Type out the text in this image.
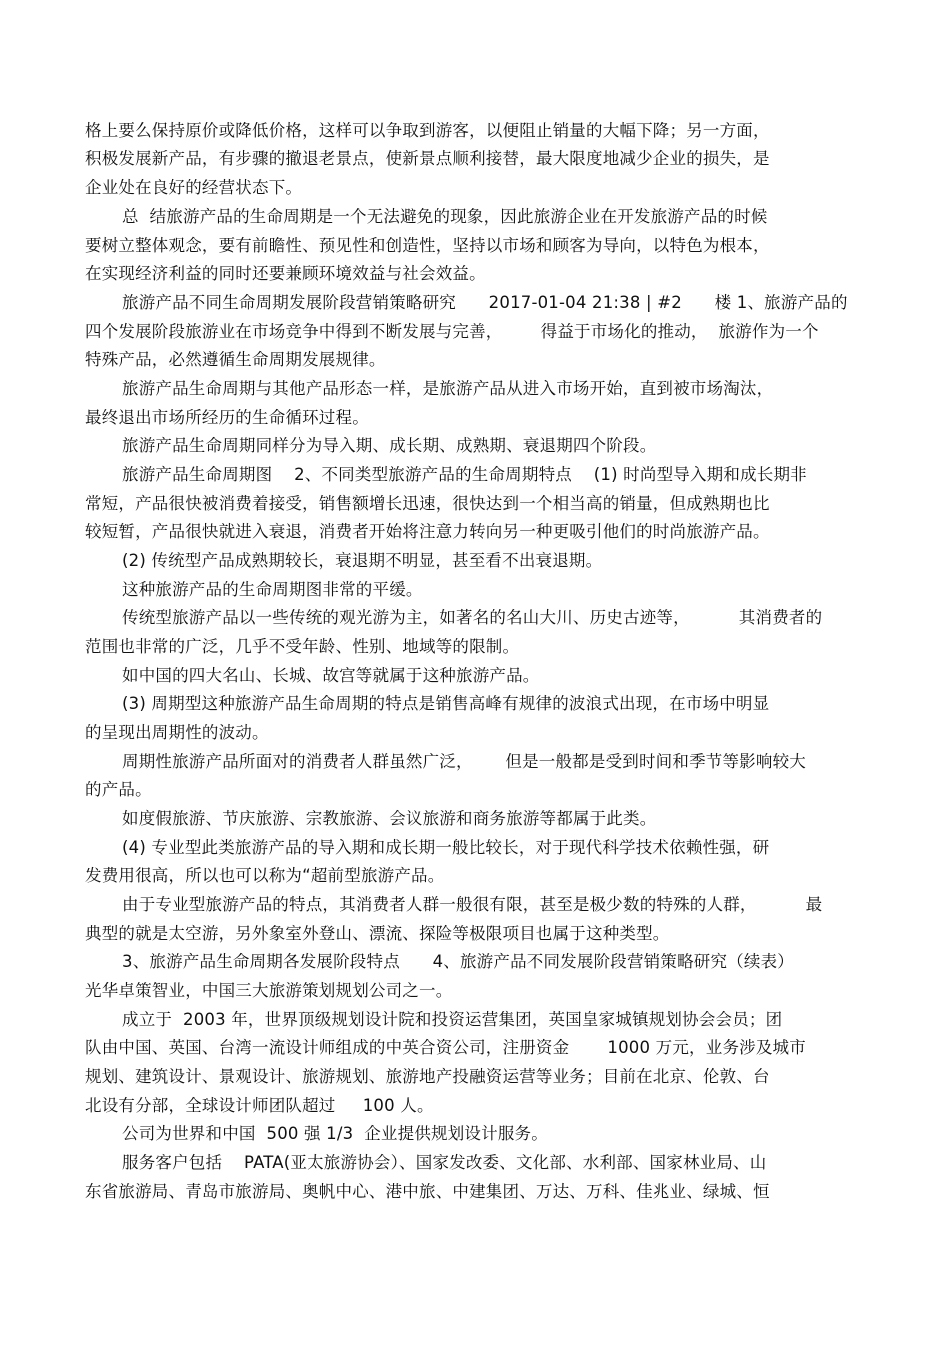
格上要么保持原价或降低价格，这样可以争取到游客，以便阻止销量的大幅下降；另一方面，
积极发展新产品，有步骤的撤退老景点，使新景点顺利接替，最大限度地减少企业的损失，是
企业处在良好的经营状态下。
总  结旅游产品的生命周期是一个无法避免的现象，因此旅游企业在开发旅游产品的时候
要树立整体观念，要有前瞻性、预见性和创造性，坚持以市场和顾客为导向，以特色为根本，
在实现经济利益的同时还要兼顾环境效益与社会效益。
旅游产品不同生命周期发展阶段营销策略研究      2017-01-04 21:38 | #2      楼 1、旅游产品的
四个发展阶段旅游业在市场竞争中得到不断发展与完善，       得益于市场化的推动，  旅游作为一个
特殊产品，必然遵循生命周期发展规律。
旅游产品生命周期与其他产品形态一样，是旅游产品从进入市场开始，直到被市场淘汰，
最终退出市场所经历的生命循环过程。
旅游产品生命周期同样分为导入期、成长期、成熟期、衰退期四个阶段。
旅游产品生命周期图    2、不同类型旅游产品的生命周期特点    (1) 时尚型导入期和成长期非
常短，产品很快被消费着接受，销售额增长迅速，很快达到一个相当高的销量，但成熟期也比
较短暂，产品很快就进入衰退，消费者开始将注意力转向另一种更吸引他们的时尚旅游产品。
(2) 传统型产品成熟期较长，衰退期不明显，甚至看不出衰退期。
这种旅游产品的生命周期图非常的平缓。
传统型旅游产品以一些传统的观光游为主，如著名的名山大川、历史古迹等，         其消费者的
范围也非常的广泛，几乎不受年龄、性别、地域等的限制。
如中国的四大名山、长城、故宫等就属于这种旅游产品。
(3) 周期型这种旅游产品生命周期的特点是销售高峰有规律的波浪式出现，在市场中明显
的呈现出周期性的波动。
周期性旅游产品所面对的消费者人群虽然广泛，      但是一般都是受到时间和季节等影响较大
的产品。
如度假旅游、节庆旅游、宗教旅游、会议旅游和商务旅游等都属于此类。
(4) 专业型此类旅游产品的导入期和成长期一般比较长，对于现代科学技术依赖性强，研
发费用很高，所以也可以称为“超前型旅游产品。
由于专业型旅游产品的特点，其消费者人群一般很有限，甚至是极少数的特殊的人群，         最
典型的就是太空游，另外象室外登山、漂流、探险等极限项目也属于这种类型。
3、旅游产品生命周期各发展阶段特点      4、旅游产品不同发展阶段营销策略研究（续表）
光华卓策智业，中国三大旅游策划规划公司之一。
成立于  2003 年，世界顶级规划设计院和投资运营集团，英国皇家城镇规划协会会员；团
队由中国、英国、台湾一流设计师组成的中英合资公司，注册资金       1000 万元，业务涉及城市
规划、建筑设计、景观设计、旅游规划、旅游地产投融资运营等业务；目前在北京、伦敦、台
北设有分部，全球设计师团队超过     100 人。
公司为世界和中国  500 强 1/3  企业提供规划设计服务。
服务客户包括    PATA(亚太旅游协会）、国家发改委、文化部、水利部、国家林业局、山
东省旅游局、青岛市旅游局、奥帆中心、港中旅、中建集团、万达、万科、佳兆业、绿城、恒
